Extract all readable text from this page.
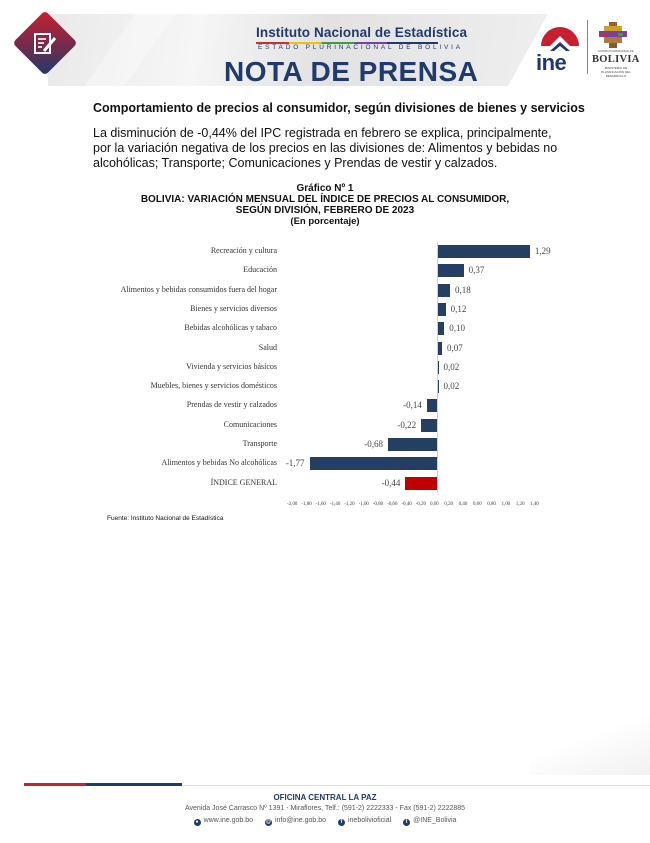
Instituto Nacional de Estadística
ESTADO PLURINACIONAL DE BOLIVIA
NOTA DE PRENSA	ine	ESTADO PLURINACIONAL DE
BOLIVIA
MINISTERIO DE PLANIFICACIÓN DEL DESARROLLO
Comportamiento de precios al consumidor, según divisiones de bienes y servicios
La disminución de -0,44% del IPC registrada en febrero se explica, principalmente, por la variación negativa de los precios en las divisiones de: Alimentos y bebidas no alcohólicas; Transporte; Comunicaciones y Prendas de vestir y calzados.
Gráfico Nº 1
BOLIVIA: VARIACIÓN MENSUAL DEL ÍNDICE DE PRECIOS AL CONSUMIDOR,
SEGÚN DIVISIÓN, FEBRERO DE 2023
(En porcentaje)
Recreación y cultura	1,29
Educación	0,37
Alimentos y bebidas consumidos fuera del hogar	0,18
Bienes y servicios diversos	0,12
Bebidas alcohólicas y tabaco	0,10
Salud	0,07
Vivienda y servicios básicos	0,02
Muebles, bienes y servicios domésticos	0,02
Prendas de vestir y calzados	-0,14
Comunicaciones	-0,22
Transporte	-0,68
Alimentos y bebidas No alcohólicas -1,77
ÍNDICE GENERAL	-0,44
-2,00 -1,80 -1,60 -1,40 -1,20 -1,00 -0,80 -0,60 -0,40 -0,20 0,00 0,20 0,40 0,60 0,80 1,00 1,20 1,40
Fuente: Instituto Nacional de Estadística
OFICINA CENTRAL LA PAZ
Avenida José Carrasco Nº 1391 - Miraflores, Telf.: (591-2) 2222333 - Fax (591-2) 2222885
● www.ine.gob.bo	@ info@ine.gob.bo	f inebolivioficial	t @INE_Bolivia
